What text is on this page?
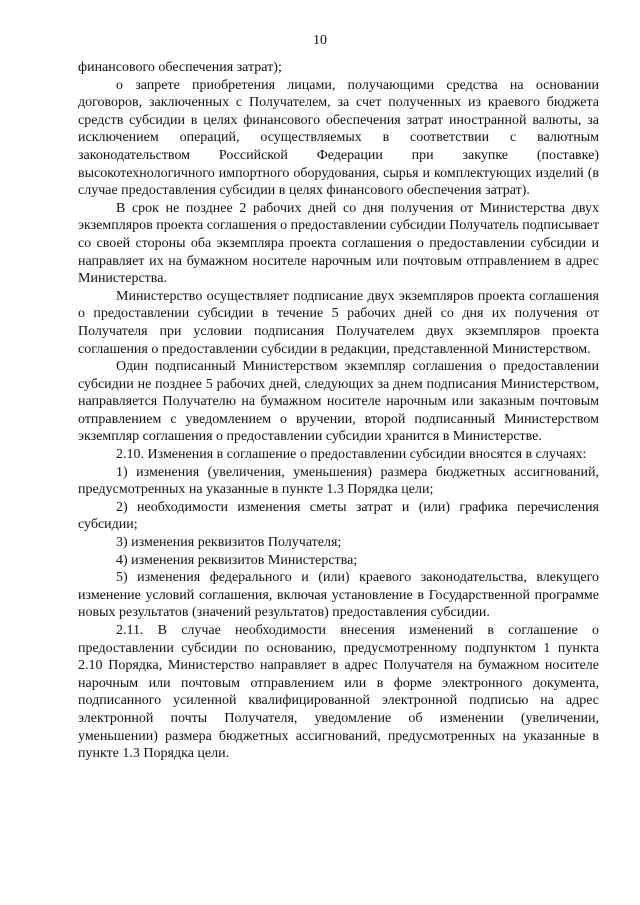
10

финансового обеспечения затрат);

о запрете приобретения лицами, получающими средства на основании договоров, заключенных с Получателем, за счет полученных из краевого бюджета средств субсидии в целях финансового обеспечения затрат иностранной валюты, за исключением операций, осуществляемых в соответствии с валютным законодательством Российской Федерации при закупке (поставке) высокотехнологичного импортного оборудования, сырья и комплектующих изделий (в случае предоставления субсидии в целях финансового обеспечения затрат).

В срок не позднее 2 рабочих дней со дня получения от Министерства двух экземпляров проекта соглашения о предоставлении субсидии Получатель подписывает со своей стороны оба экземпляра проекта соглашения о предоставлении субсидии и направляет их на бумажном носителе нарочным или почтовым отправлением в адрес Министерства.

Министерство осуществляет подписание двух экземпляров проекта соглашения о предоставлении субсидии в течение 5 рабочих дней со дня их получения от Получателя при условии подписания Получателем двух экземпляров проекта соглашения о предоставлении субсидии в редакции, представленной Министерством.

Один подписанный Министерством экземпляр соглашения о предоставлении субсидии не позднее 5 рабочих дней, следующих за днем подписания Министерством, направляется Получателю на бумажном носителе нарочным или заказным почтовым отправлением с уведомлением о вручении, второй подписанный Министерством экземпляр соглашения о предоставлении субсидии хранится в Министерстве.

2.10. Изменения в соглашение о предоставлении субсидии вносятся в случаях:

1) изменения (увеличения, уменьшения) размера бюджетных ассигнований, предусмотренных на указанные в пункте 1.3 Порядка цели;

2) необходимости изменения сметы затрат и (или) графика перечисления субсидии;

3) изменения реквизитов Получателя;

4) изменения реквизитов Министерства;

5) изменения федерального и (или) краевого законодательства, влекущего изменение условий соглашения, включая установление в Государственной программе новых результатов (значений результатов) предоставления субсидии.

2.11. В случае необходимости внесения изменений в соглашение о предоставлении субсидии по основанию, предусмотренному подпунктом 1 пункта 2.10 Порядка, Министерство направляет в адрес Получателя на бумажном носителе нарочным или почтовым отправлением или в форме электронного документа, подписанного усиленной квалифицированной электронной подписью на адрес электронной почты Получателя, уведомление об изменении (увеличении, уменьшении) размера бюджетных ассигнований, предусмотренных на указанные в пункте 1.3 Порядка цели.
